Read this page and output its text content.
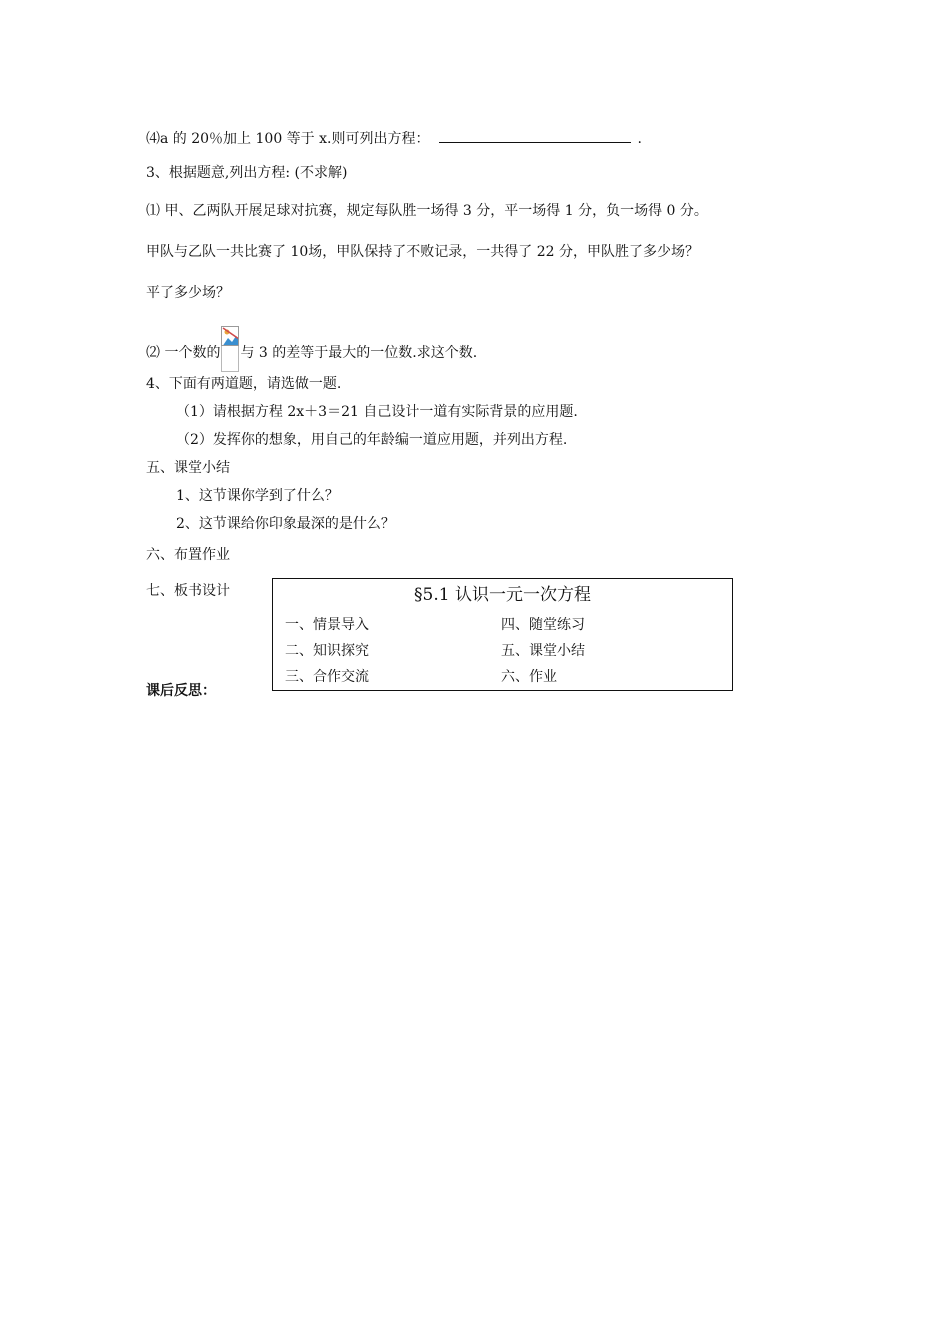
⑷a 的 20％加上 100 等于 x.则可列出方程：	.
3、根据题意,列出方程: (不求解)
⑴ 甲、乙两队开展足球对抗赛，规定每队胜一场得 3 分，平一场得 1 分，负一场得 0 分。
甲队与乙队一共比赛了 10场，甲队保持了不败记录，一共得了 22 分，甲队胜了多少场？
平了多少场？
⑵ 一个数的 与 3 的差等于最大的一位数.求这个数.
4、下面有两道题，请选做一题.
（1）请根据方程 2x＋3＝21 自己设计一道有实际背景的应用题.
（2）发挥你的想象，用自己的年龄编一道应用题，并列出方程.
五、课堂小结
1、这节课你学到了什么？
2、这节课给你印象最深的是什么？
六、布置作业
七、板书设计
课后反思：
§5.1 认识一元一次方程
一、情景导入
二、知识探究
三、合作交流
四、随堂练习
五、课堂小结
六、作业
